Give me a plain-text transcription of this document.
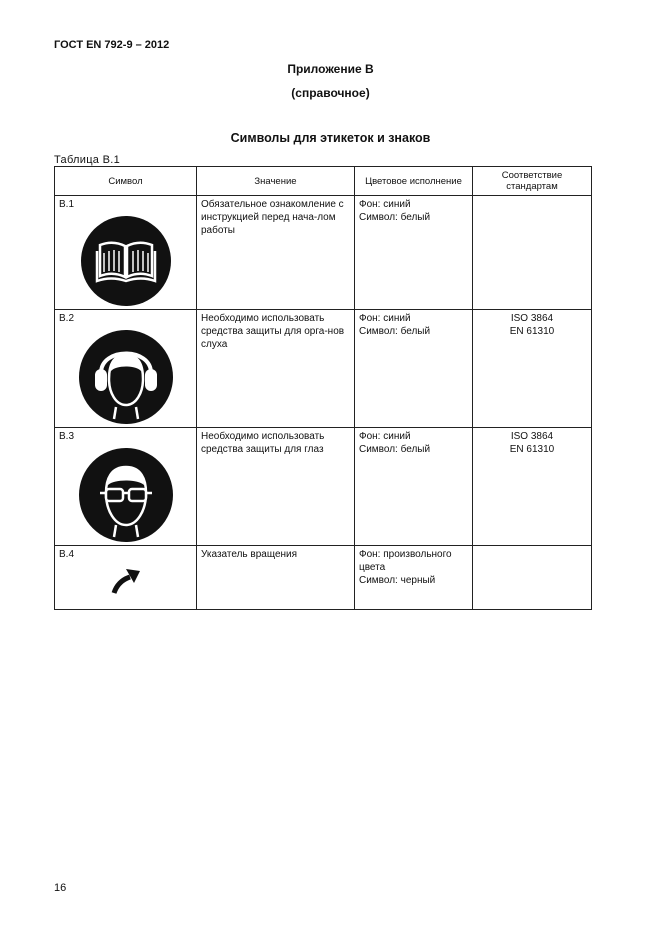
ГОСТ EN 792-9 – 2012
Приложение В
(справочное)
Символы для этикеток и знаков
Таблица В.1
Символ	Значение	Цветовое исполнение	Соответствие стандартам

В.1	Обязательное ознакомление с инструкцией перед нача-лом работы	Фон: синий
Символ: белый	

В.2	Необходимо использовать средства защиты для орга-нов слуха	Фон: синий
Символ: белый	ISO 3864
EN 61310

В.3	Необходимо использовать средства защиты для глаз	Фон: синий
Символ: белый	ISO 3864
EN 61310

В.4	Указатель вращения	Фон: произвольного цвета
Символ: черный	
16
